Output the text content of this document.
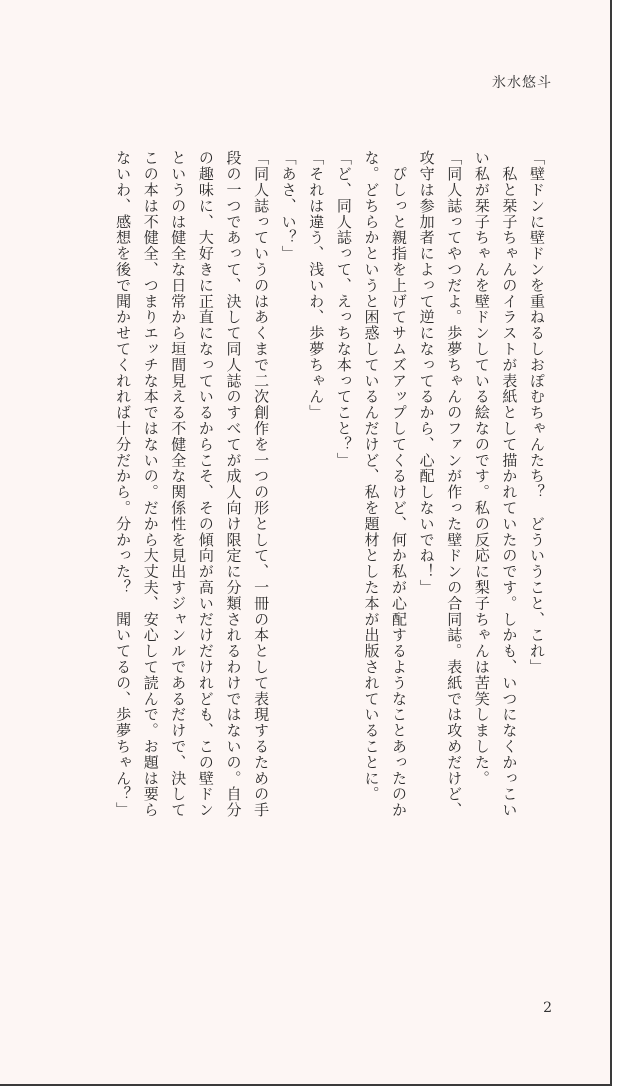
氷水悠斗

「壁ドンに壁ドンを重ねるしおぽむちゃんたち？　どういうこと、これ」

　私と栞子ちゃんのイラストが表紙として描かれていたのです。しかも、いつになくかっこい

い私が栞子ちゃんを壁ドンしている絵なのです。私の反応に梨子ちゃんは苦笑しました。

「同人誌ってやつだよ。歩夢ちゃんのファンが作った壁ドンの合同誌。表紙では攻めだけど、

攻守は参加者によって逆になってるから、心配しないでね！」

　ぴしっと親指を上げてサムズアップしてくるけど、何か私が心配するようなことあったのか

な。どちらかというと困惑しているんだけど、私を題材とした本が出版されていることに。

「ど、同人誌って、えっちな本ってこと？」

「それは違う、浅いわ、歩夢ちゃん」

「あさ、い？」

「同人誌っていうのはあくまで二次創作を一つの形として、一冊の本として表現するための手

段の一つであって、決して同人誌のすべてが成人向け限定に分類されるわけではないの。自分

の趣味に、大好きに正直になっているからこそ、その傾向が高いだけだけれども、この壁ドン

というのは健全な日常から垣間見える不健全な関係性を見出すジャンルであるだけで、決して

この本は不健全、つまりエッチな本ではないの。だから大丈夫、安心して読んで。お題は要ら

ないわ、感想を後で聞かせてくれれば十分だから。分かった？　聞いてるの、歩夢ちゃん？」

2
